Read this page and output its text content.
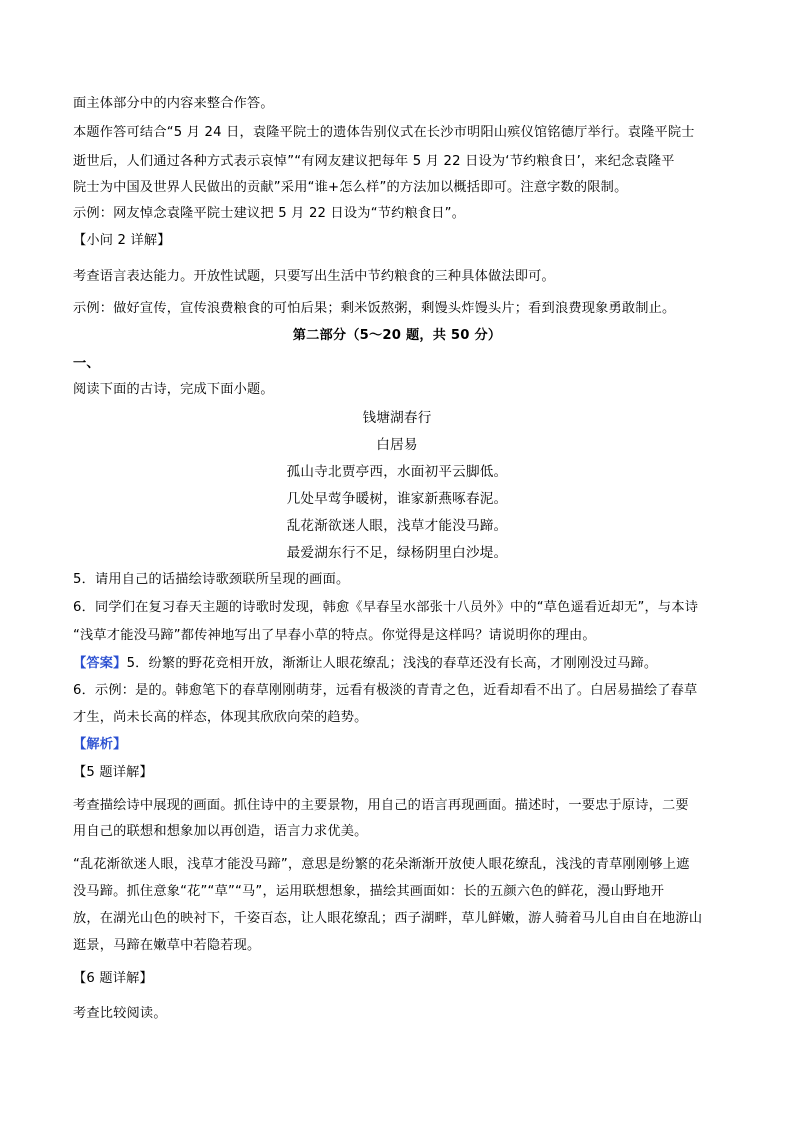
面主体部分中的内容来整合作答。
本题作答可结合“5 月 24 日，袁隆平院士的遗体告别仪式在长沙市明阳山殡仪馆铭德厅举行。袁隆平院士
逝世后，人们通过各种方式表示哀悼”“有网友建议把每年 5 月 22 日设为‘节约粮食日’，来纪念袁隆平
院士为中国及世界人民做出的贡献”采用“谁+怎么样”的方法加以概括即可。注意字数的限制。
示例：网友悼念袁隆平院士建议把 5 月 22 日设为“节约粮食日”。
【小问 2 详解】
考查语言表达能力。开放性试题，只要写出生活中节约粮食的三种具体做法即可。
示例：做好宣传，宣传浪费粮食的可怕后果；剩米饭熬粥，剩馒头炸馒头片；看到浪费现象勇敢制止。
第二部分（5～20 题，共 50 分）
一、
阅读下面的古诗，完成下面小题。
钱塘湖春行
白居易
孤山寺北贾亭西，水面初平云脚低。
几处早莺争暖树，谁家新燕啄春泥。
乱花渐欲迷人眼，浅草才能没马蹄。
最爱湖东行不足，绿杨阴里白沙堤。
5．请用自己的话描绘诗歌颈联所呈现的画面。
6．同学们在复习春天主题的诗歌时发现，韩愈《早春呈水部张十八员外》中的“草色遥看近却无”，与本诗
“浅草才能没马蹄”都传神地写出了早春小草的特点。你觉得是这样吗？请说明你的理由。
【答案】5．纷繁的野花竞相开放，渐渐让人眼花缭乱；浅浅的春草还没有长高，才刚刚没过马蹄。
6．示例：是的。韩愈笔下的春草刚刚萌芽，远看有极淡的青青之色，近看却看不出了。白居易描绘了春草
才生，尚未长高的样态，体现其欣欣向荣的趋势。
【解析】
【5 题详解】
考查描绘诗中展现的画面。抓住诗中的主要景物，用自己的语言再现画面。描述时，一要忠于原诗，二要
用自己的联想和想象加以再创造，语言力求优美。
“乱花渐欲迷人眼，浅草才能没马蹄”，意思是纷繁的花朵渐渐开放使人眼花缭乱，浅浅的青草刚刚够上遮
没马蹄。抓住意象“花”“草”“马”，运用联想想象，描绘其画面如：长的五颜六色的鲜花，漫山野地开
放，在湖光山色的映衬下，千姿百态，让人眼花缭乱；西子湖畔，草儿鲜嫩，游人骑着马儿自由自在地游山
逛景，马蹄在嫩草中若隐若现。
【6 题详解】
考查比较阅读。
